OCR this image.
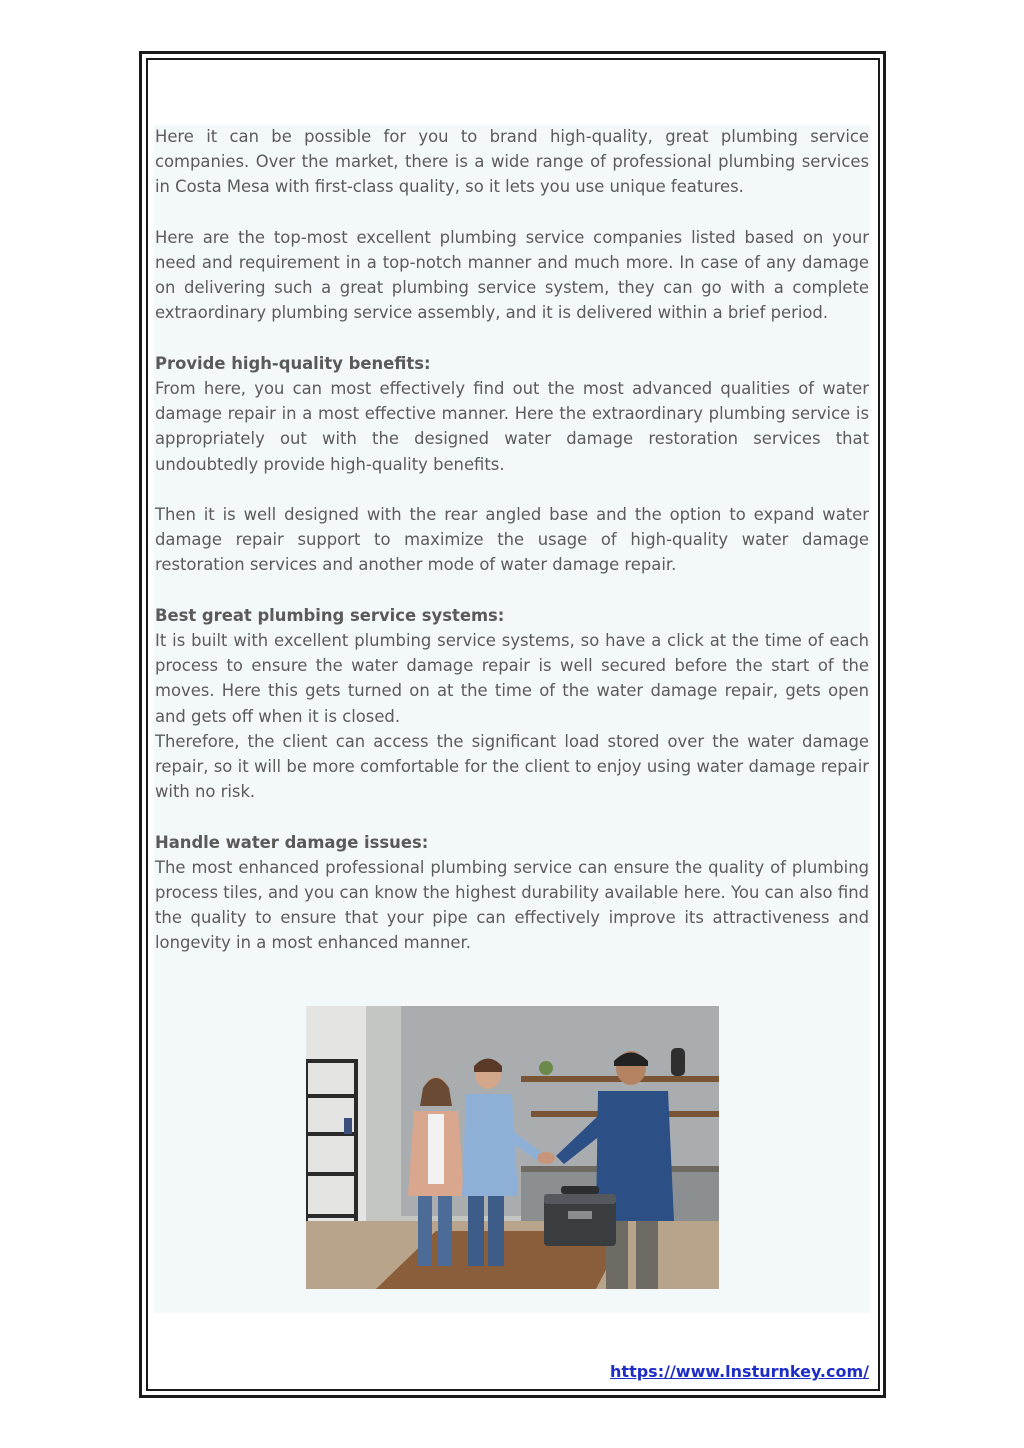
Here it can be possible for you to brand high-quality, great plumbing service companies. Over the market, there is a wide range of professional plumbing services in Costa Mesa with first-class quality, so it lets you use unique features.

Here are the top-most excellent plumbing service companies listed based on your need and requirement in a top-notch manner and much more. In case of any damage on delivering such a great plumbing service system, they can go with a complete extraordinary plumbing service assembly, and it is delivered within a brief period.

Provide high-quality benefits:
From here, you can most effectively find out the most advanced qualities of water damage repair in a most effective manner. Here the extraordinary plumbing service is appropriately out with the designed water damage restoration services that undoubtedly provide high-quality benefits.

Then it is well designed with the rear angled base and the option to expand water damage repair support to maximize the usage of high-quality water damage restoration services and another mode of water damage repair.

Best great plumbing service systems:
It is built with excellent plumbing service systems, so have a click at the time of each process to ensure the water damage repair is well secured before the start of the moves. Here this gets turned on at the time of the water damage repair, gets open and gets off when it is closed.

Therefore, the client can access the significant load stored over the water damage repair, so it will be more comfortable for the client to enjoy using water damage repair with no risk.

Handle water damage issues:
The most enhanced professional plumbing service can ensure the quality of plumbing process tiles, and you can know the highest durability available here. You can also find the quality to ensure that your pipe can effectively improve its attractiveness and longevity in a most enhanced manner.

https://www.lnsturnkey.com/
